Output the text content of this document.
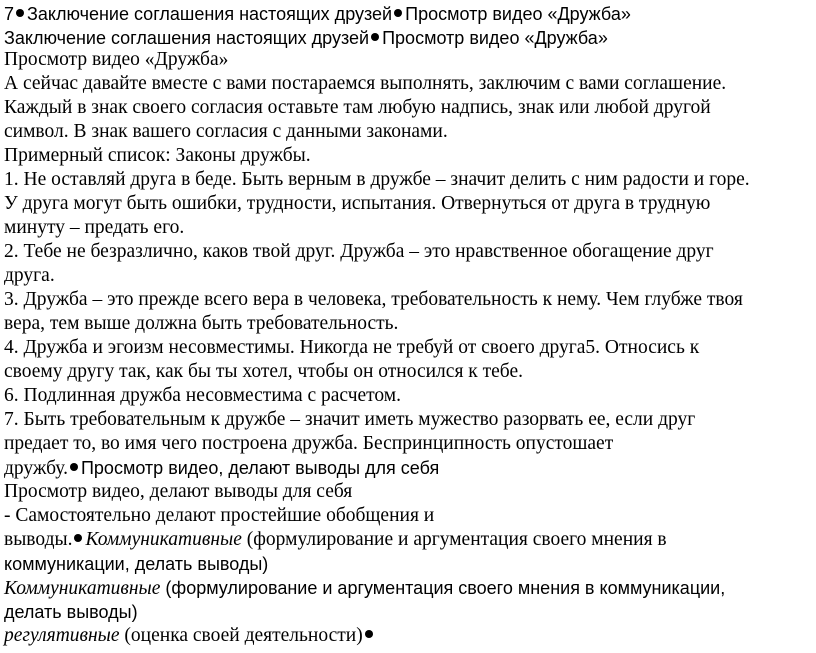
7 Заключение соглашения настоящих друзей Просмотр видео «Дружба»
Заключение соглашения настоящих друзей Просмотр видео «Дружба»
Просмотр видео «Дружба»
А сейчас давайте вместе с вами постараемся выполнять, заключим с вами соглашение.
Каждый в знак своего согласия оставьте там любую надпись, знак или любой другой
символ. В знак вашего согласия с данными законами.
Примерный список: Законы дружбы.
1. Не оставляй друга в беде. Быть верным в дружбе – значит делить с ним радости и горе.
У друга могут быть ошибки, трудности, испытания. Отвернуться от друга в трудную
минуту – предать его.
2. Тебе не безразлично, каков твой друг. Дружба – это нравственное обогащение друг
друга.
3. Дружба – это прежде всего вера в человека, требовательность к нему. Чем глубже твоя
вера, тем выше должна быть требовательность.
4. Дружба и эгоизм несовместимы. Никогда не требуй от своего друга5. Относись к
своему другу так, как бы ты хотел, чтобы он относился к тебе.
6. Подлинная дружба несовместима с расчетом.
7. Быть требовательным к дружбе – значит иметь мужество разорвать ее, если друг
предает то, во имя чего построена дружба. Беспринципность опустошает
дружбу. Просмотр видео, делают выводы для себя
Просмотр видео, делают выводы для себя
- Самостоятельно делают простейшие обобщения и
выводы. Коммуникативные (формулирование и аргументация своего мнения в
коммуникации, делать выводы)
Коммуникативные (формулирование и аргументация своего мнения в коммуникации,
делать выводы)
регулятивные (оценка своей деятельности)
